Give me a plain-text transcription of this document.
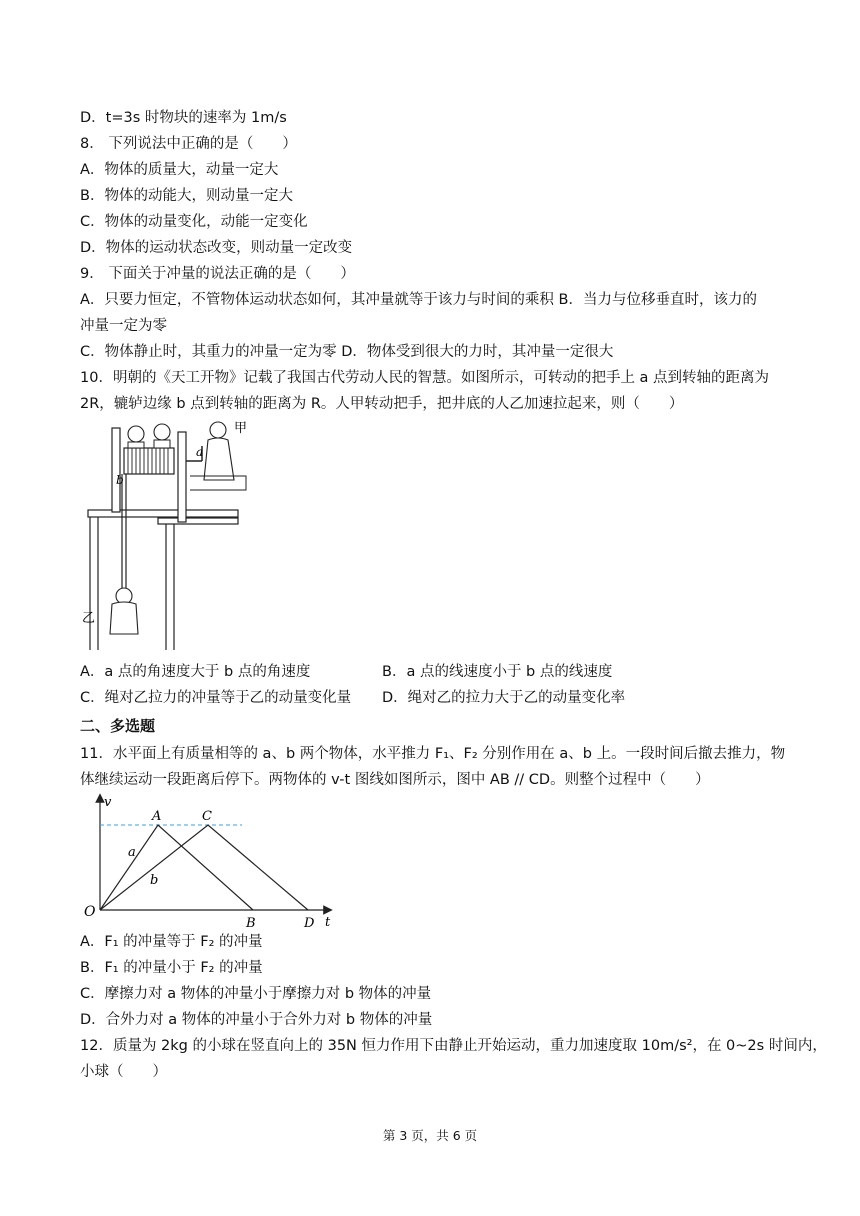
D．t=3s 时物块的速率为 1m/s
8． 下列说法中正确的是（　　）
A．物体的质量大，动量一定大
B．物体的动能大，则动量一定大
C．物体的动量变化，动能一定变化
D．物体的运动状态改变，则动量一定改变
9． 下面关于冲量的说法正确的是（　　）
A．只要力恒定，不管物体运动状态如何，其冲量就等于该力与时间的乘积 B．当力与位移垂直时，该力的
冲量一定为零
C．物体静止时，其重力的冲量一定为零 D．物体受到很大的力时，其冲量一定很大
10．明朝的《天工开物》记载了我国古代劳动人民的智慧。如图所示，可转动的把手上 a 点到转轴的距离为
2R，辘轳边缘 b 点到转轴的距离为 R。人甲转动把手，把井底的人乙加速拉起来，则（　　）
甲
a
b
乙
A．a 点的角速度大于 b 点的角速度	B．a 点的线速度小于 b 点的线速度
C．绳对乙拉力的冲量等于乙的动量变化量 D．绳对乙的拉力大于乙的动量变化率
二、多选题
11．水平面上有质量相等的 a、b 两个物体，水平推力 F₁、F₂ 分别作用在 a、b 上。一段时间后撤去推力，物
体继续运动一段距离后停下。两物体的 v-t 图线如图所示，图中 AB // CD。则整个过程中（　　）
v
t
O
A	C
B	D
a
b
A．F₁ 的冲量等于 F₂ 的冲量
B．F₁ 的冲量小于 F₂ 的冲量
C．摩擦力对 a 物体的冲量小于摩擦力对 b 物体的冲量
D．合外力对 a 物体的冲量小于合外力对 b 物体的冲量
12．质量为 2kg 的小球在竖直向上的 35N 恒力作用下由静止开始运动，重力加速度取 10m/s²，在 0~2s 时间内，
小球（　　）
第 3 页，共 6 页
